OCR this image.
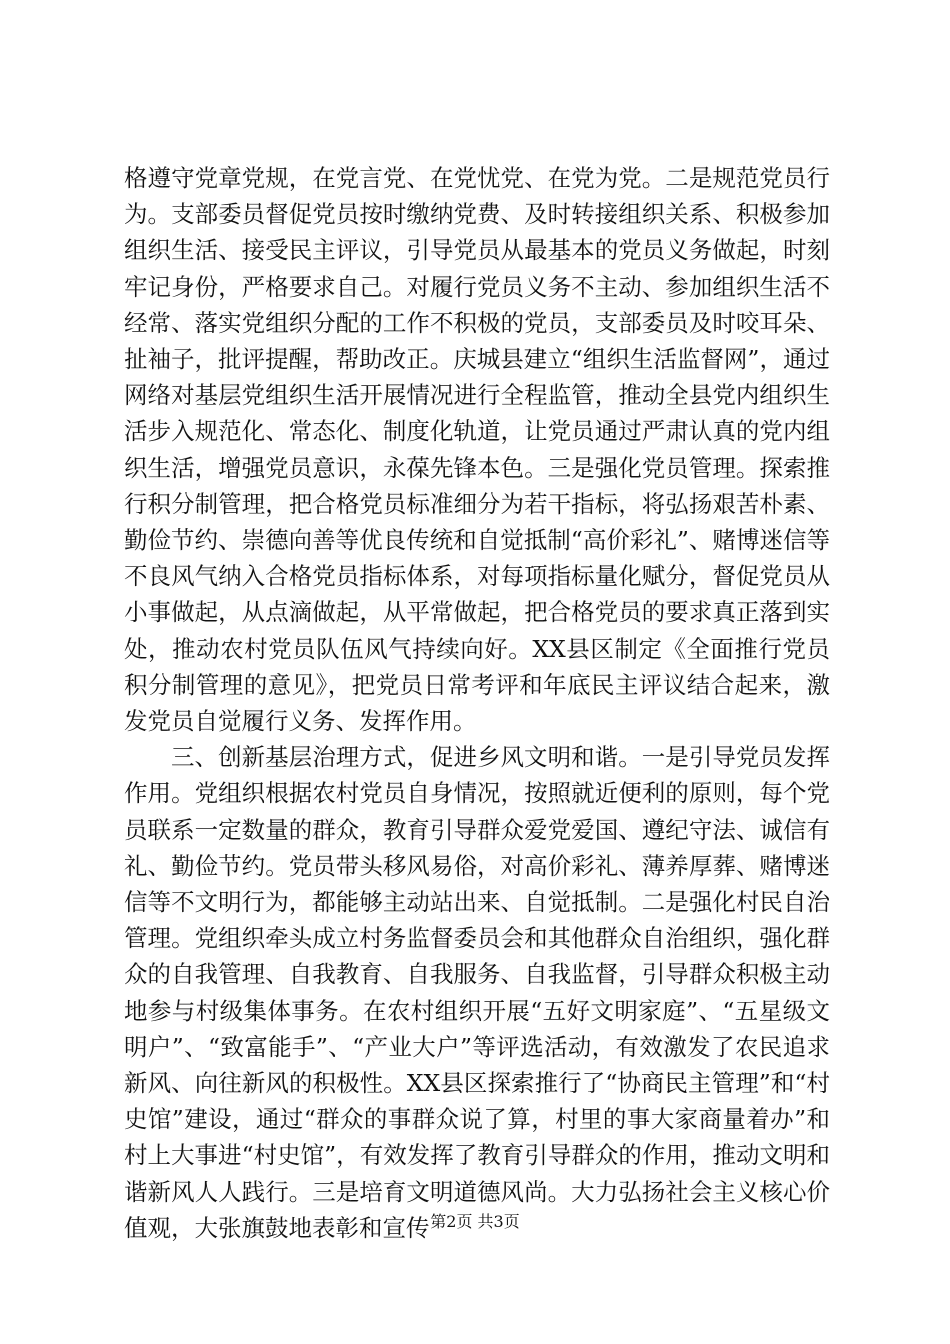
格遵守党章党规，在党言党、在党忧党、在党为党。二是规范党员行为。支部委员督促党员按时缴纳党费、及时转接组织关系、积极参加组织生活、接受民主评议，引导党员从最基本的党员义务做起，时刻牢记身份，严格要求自己。对履行党员义务不主动、参加组织生活不经常、落实党组织分配的工作不积极的党员，支部委员及时咬耳朵、扯袖子，批评提醒，帮助改正。庆城县建立“组织生活监督网”，通过网络对基层党组织生活开展情况进行全程监管，推动全县党内组织生活步入规范化、常态化、制度化轨道，让党员通过严肃认真的党内组织生活，增强党员意识，永葆先锋本色。三是强化党员管理。探索推行积分制管理，把合格党员标准细分为若干指标，将弘扬艰苦朴素、勤俭节约、崇德向善等优良传统和自觉抵制“高价彩礼”、赌博迷信等不良风气纳入合格党员指标体系，对每项指标量化赋分，督促党员从小事做起，从点滴做起，从平常做起，把合格党员的要求真正落到实处，推动农村党员队伍风气持续向好。XX县区制定《全面推行党员积分制管理的意见》，把党员日常考评和年底民主评议结合起来，激发党员自觉履行义务、发挥作用。

三、创新基层治理方式，促进乡风文明和谐。一是引导党员发挥作用。党组织根据农村党员自身情况，按照就近便利的原则，每个党员联系一定数量的群众，教育引导群众爱党爱国、遵纪守法、诚信有礼、勤俭节约。党员带头移风易俗，对高价彩礼、薄养厚葬、赌博迷信等不文明行为，都能够主动站出来、自觉抵制。二是强化村民自治管理。党组织牵头成立村务监督委员会和其他群众自治组织，强化群众的自我管理、自我教育、自我服务、自我监督，引导群众积极主动地参与村级集体事务。在农村组织开展“五好文明家庭”、“五星级文明户”、“致富能手”、“产业大户”等评选活动，有效激发了农民追求新风、向往新风的积极性。XX县区探索推行了“协商民主管理”和“村史馆”建设，通过“群众的事群众说了算，村里的事大家商量着办”和村上大事进“村史馆”，有效发挥了教育引导群众的作用，推动文明和谐新风人人践行。三是培育文明道德风尚。大力弘扬社会主义核心价值观，大张旗鼓地表彰和宣传 第2页 共3页
